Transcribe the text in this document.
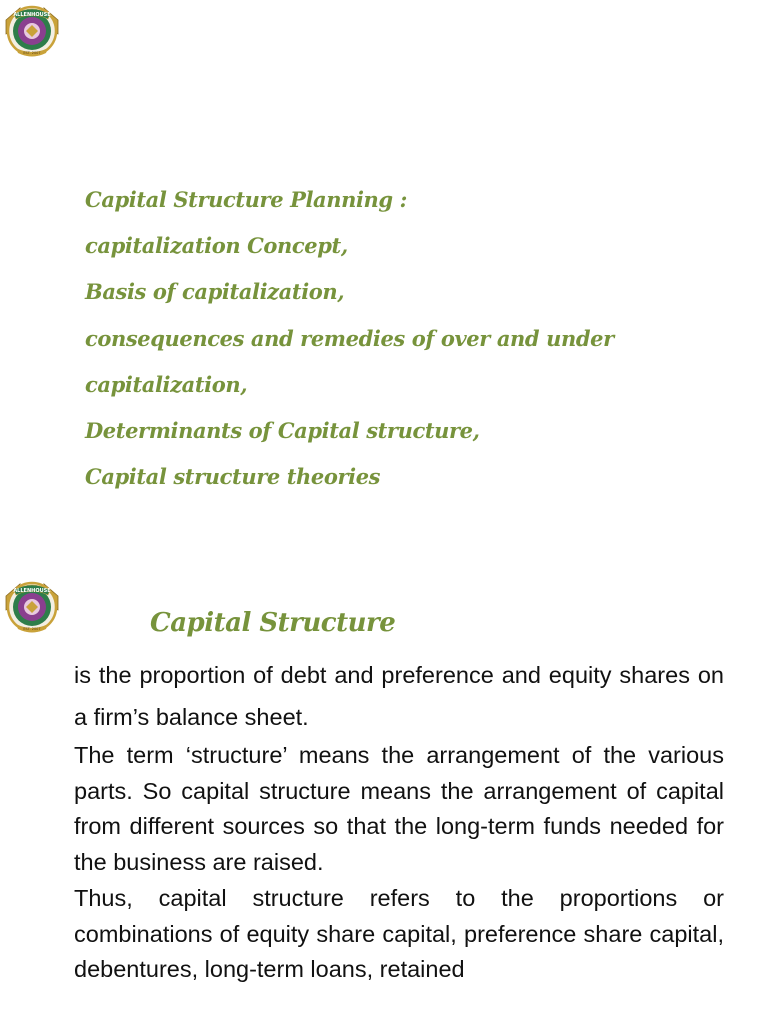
ALLENHOUSE
EST. 2007
Capital Structure Planning :
capitalization Concept,
Basis of capitalization,
consequences and remedies of over and under
capitalization,
Determinants of Capital structure,
Capital structure theories
ALLENHOUSE
EST. 2007	Capital Structure

is the proportion of debt and preference and equity shares on a firm’s balance sheet.

The term ‘structure’ means the arrangement of the various parts. So capital structure means the arrangement of capital from different sources so that the long-term funds needed for the business are raised.

Thus, capital structure refers to the proportions or combinations of equity share capital, preference share capital, debentures, long-term loans, retained
